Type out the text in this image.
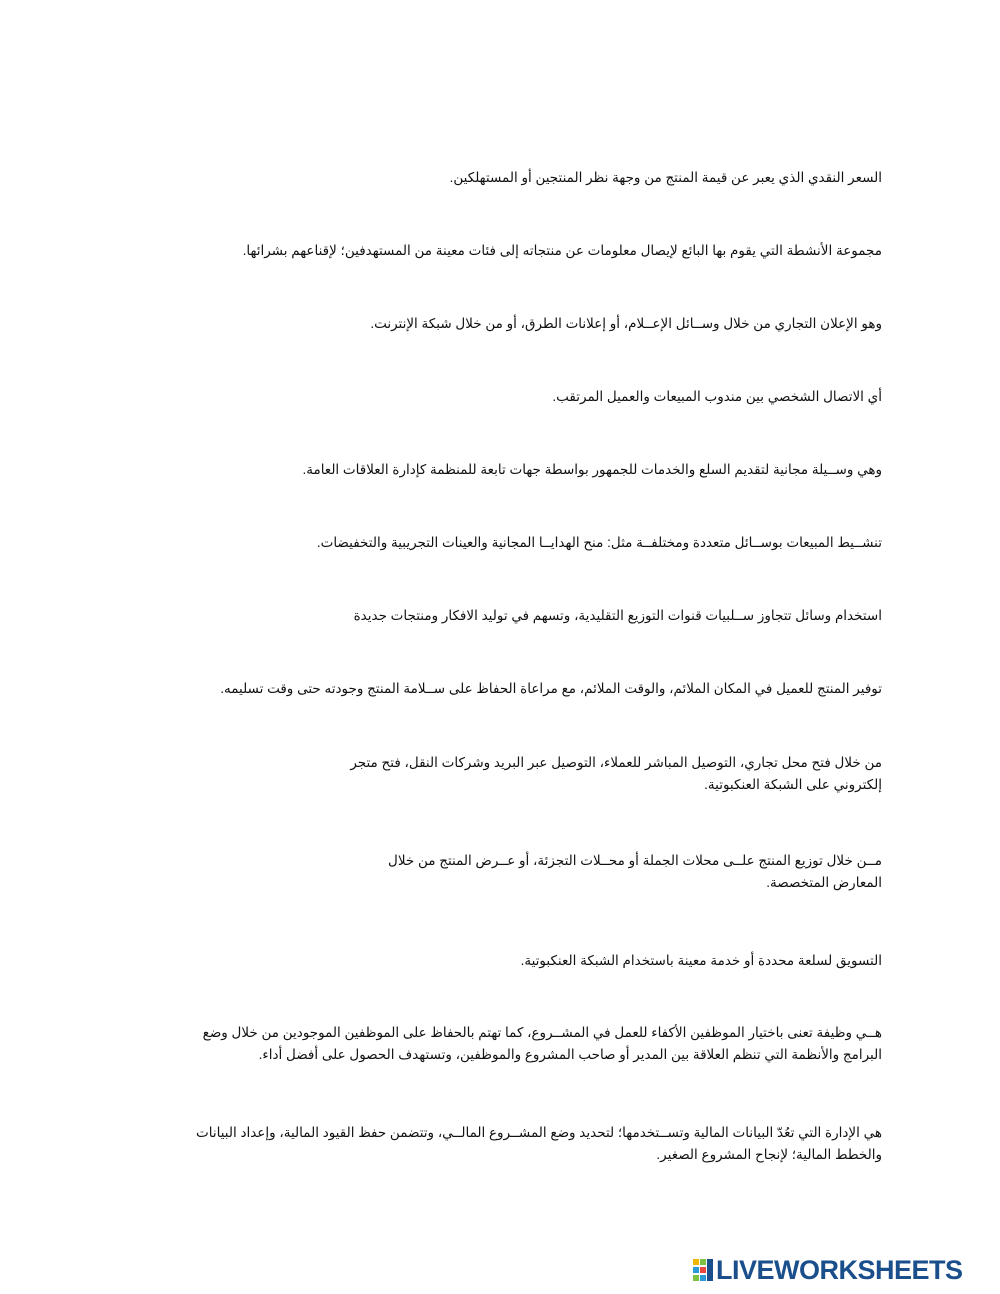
السعر النقدي الذي يعبر عن قيمة المنتج من وجهة نظر المنتجين أو المستهلكين.

مجموعة الأنشطة التي يقوم بها البائع لإيصال معلومات عن منتجاته إلى فئات معينة من المستهدفين؛ لإقناعهم بشرائها.

وهو الإعلان التجاري من خلال وســائل الإعــلام، أو إعلانات الطرق، أو من خلال شبكة الإنترنت.

أي الاتصال الشخصي بين مندوب المبيعات والعميل المرتقب.

وهي وســيلة مجانية لتقديم السلع والخدمات للجمهور بواسطة جهات تابعة للمنظمة كإدارة العلاقات العامة.

تنشــيط المبيعات بوســائل متعددة ومختلفــة مثل: منح الهدايــا المجانية والعينات التجريبية والتخفيضات.

استخدام وسائل تتجاوز ســلبيات قنوات التوزيع التقليدية، وتسهم في توليد الافكار ومنتجات جديدة

توفير المنتج للعميل في المكان الملائم، والوقت الملائم، مع مراعاة الحفاظ على ســلامة المنتج وجودته حتى وقت تسليمه.

من خلال فتح محل تجاري، التوصيل المباشر للعملاء، التوصيل عبر البريد وشركات النقل، فتح متجر إلكتروني على الشبكة العنكبوتية.

مــن خلال توزيع المنتج علــى محلات الجملة أو محــلات التجزئة، أو عــرض المنتج من خلال المعارض المتخصصة.

التسويق لسلعة محددة أو خدمة معينة باستخدام الشبكة العنكبوتية.

هــي وظيفة تعنى باختيار الموظفين الأكفاء للعمل في المشــروع، كما تهتم بالحفاظ على الموظفين الموجودين من خلال وضع البرامج والأنظمة التي تنظم العلاقة بين المدير أو صاحب المشروع والموظفين، وتستهدف الحصول على أفضل أداء.

هي الإدارة التي تعُدّ البيانات المالية وتســتخدمها؛ لتحديد وضع المشــروع المالــي، وتتضمن حفظ القيود المالية، وإعداد البيانات والخطط المالية؛ لإنجاح المشروع الصغير.

LIVEWORKSHEETS
